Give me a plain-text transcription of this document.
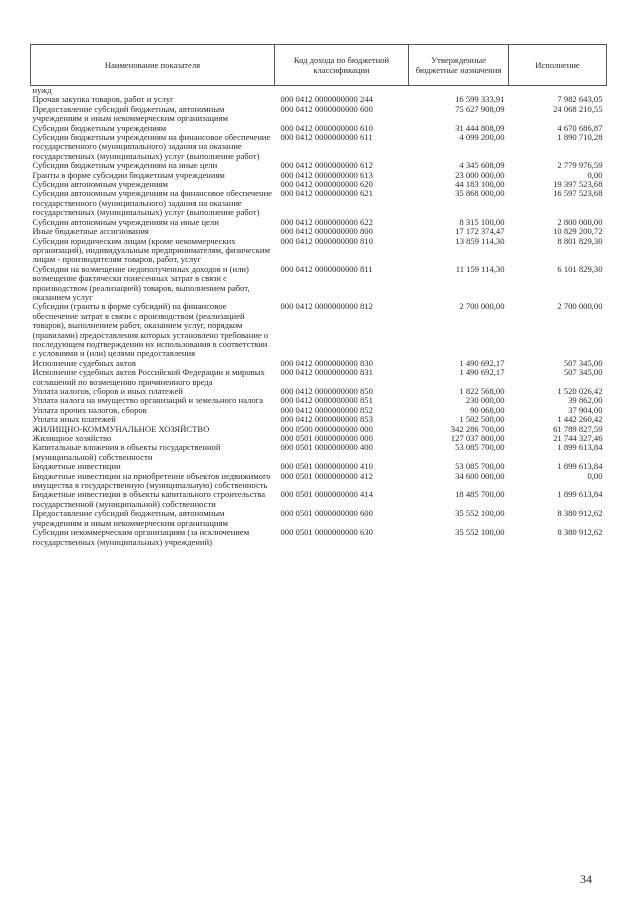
Наименование показателя	Код дохода по бюджетной классификации	Утвержденные бюджетные назначения	Исполнение
нужд			
Прочая закупка товаров, работ и услуг	000 0412 0000000000 244	16 599 333,91	7 982 643,05
Предоставление субсидий бюджетным, автономным учреждениям и иным некоммерческим организациям	000 0412 0000000000 600	75 627 908,09	24 068 210,55
Субсидии бюджетным учреждениям	000 0412 0000000000 610	31 444 808,09	4 670 686,87
Субсидии бюджетным учреждениям на финансовое обеспечение государственного (муниципального) задания на оказание государственных (муниципальных) услуг (выполнение работ)	000 0412 0000000000 611	4 099 200,00	1 890 710,28
Субсидии бюджетным учреждениям на иные цели	000 0412 0000000000 612	4 345 608,09	2 779 976,59
Гранты в форме субсидии бюджетным учреждениям	000 0412 0000000000 613	23 000 000,00	0,00
Субсидии автономным учреждениям	000 0412 0000000000 620	44 183 100,00	19 397 523,68
Субсидии автономным учреждениям на финансовое обеспечение государственного (муниципального) задания на оказание государственных (муниципальных) услуг (выполнение работ)	000 0412 0000000000 621	35 868 000,00	16 597 523,68
Субсидии автономным учреждениям на иные цели	000 0412 0000000000 622	8 315 100,00	2 800 000,00
Иные бюджетные ассигнования	000 0412 0000000000 800	17 172 374,47	10 829 200,72
Субсидии юридическим лицам (кроме некоммерческих организаций), индивидуальным предпринимателям, физическим лицам - производителям товаров, работ, услуг	000 0412 0000000000 810	13 859 114,30	8 801 829,30
Субсидии на возмещение недополученных доходов и (или) возмещение фактически понесенных затрат в связи с производством (реализацией) товаров, выполнением работ, оказанием услуг	000 0412 0000000000 811	11 159 114,30	6 101 829,30
Субсидии (гранты в форме субсидий) на финансовое обеспечение затрат в связи с производством (реализацией товаров), выполнением работ, оказанием услуг, порядком (правилами) предоставления которых установлено требование о последующем подтверждении их использования в соответствии с условиями и (или) целями предоставления	000 0412 0000000000 812	2 700 000,00	2 700 000,00
Исполнение судебных актов	000 0412 0000000000 830	1 490 692,17	507 345,00
Исполнение судебных актов Российской Федерации и мировых соглашений по возмещению причиненного вреда	000 0412 0000000000 831	1 490 692,17	507 345,00
Уплата налогов, сборов и иных платежей	000 0412 0000000000 850	1 822 568,00	1 520 026,42
Уплата налога на имущество организаций и земельного налога	000 0412 0000000000 851	230 000,00	39 862,00
Уплата прочих налогов, сборов	000 0412 0000000000 852	90 068,00	37 904,00
Уплата иных платежей	000 0412 0000000000 853	1 502 500,00	1 442 260,42
ЖИЛИЩНО-КОММУНАЛЬНОЕ ХОЗЯЙСТВО	000 0500 0000000000 000	342 286 700,00	61 789 827,59
Жилищное хозяйство	000 0501 0000000000 000	127 037 800,00	21 744 327,46
Капитальные вложения в объекты государственной (муниципальной) собственности	000 0501 0000000000 400	53 085 700,00	1 899 613,84
Бюджетные инвестиции	000 0501 0000000000 410	53 085 700,00	1 899 613,84
Бюджетные инвестиции на приобретение объектов недвижимого имущества в государственную (муниципальную) собственность	000 0501 0000000000 412	34 600 000,00	0,00
Бюджетные инвестиции в объекты капитального строительства государственной (муниципальной) собственности	000 0501 0000000000 414	18 485 700,00	1 899 613,84
Предоставление субсидий бюджетным, автономным учреждениям и иным некоммерческим организациям	000 0501 0000000000 600	35 552 100,00	8 380 912,62
Субсидии некоммерческим организациям (за исключением государственных (муниципальных) учреждений)	000 0501 0000000000 630	35 552 100,00	8 380 912,62
34
